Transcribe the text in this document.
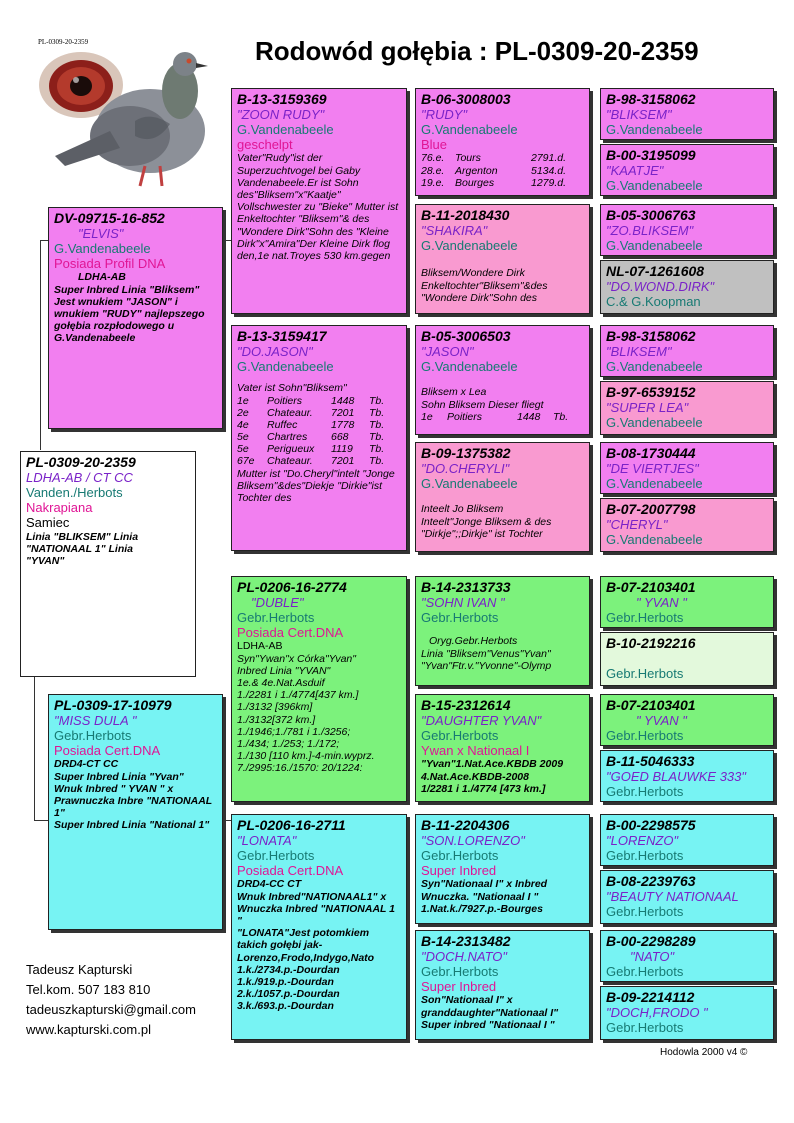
Rodowód gołębia : PL-0309-20-2359
PL-0309-20-2359
PL-0309-20-2359
LDHA-AB / CT CC
Vanden./Herbots
Nakrapiana
Samiec
Linia "BLIKSEM" Linia "NATIONAAL 1" Linia "YVAN"
DV-09715-16-852
"ELVIS"
G.Vandenabeele
Posiada Profil DNA
LDHA-AB
Super Inbred Linia "Bliksem"
Jest wnukiem "JASON" i wnukiem "RUDY" najlepszego gołębia rozpłodowego u G.Vandenabeele
PL-0309-17-10979
"MISS DULA "
Gebr.Herbots
Posiada Cert.DNA
DRD4-CT CC
Super Inbred Linia "Yvan"
Wnuk Inbred " YVAN " x Prawnuczka Inbre "NATIONAAL 1"
Super Inbred Linia "National 1"
B-13-3159369
"ZOON RUDY"
G.Vandenabeele
geschelpt
Vater"Rudy"ist der Superzuchtvogel bei Gaby Vandenabeele.Er ist Sohn des"Bliksem"x"Kaatje" Vollschwester zu "Bieke" Mutter ist Enkeltochter "Bliksem"& des "Wondere Dirk"Sohn des "Kleine Dirk"x"Amira"Der Kleine Dirk flog den,1e nat.Troyes 530 km.gegen
B-13-3159417
"DO.JASON"
G.Vandenabeele
Vater ist Sohn"Bliksem"
1e	Poitiers	1448	Tb.
2e	Chateaur.	7201	Tb.
4e	Ruffec	1778	Tb.
5e	Chartres	668	Tb.
5e	Perigueux	1119	Tb.
67e	Chateaur.	7201	Tb.
Mutter ist "Do.Cheryl"intelt "Jonge Bliksem"&des"Diekje "Dirkie"ist Tochter des
PL-0206-16-2774
"DUBLE"
Gebr.Herbots
Posiada Cert.DNA
LDHA-AB
Syn"Ywan"x Córka"Yvan"
Inbred Linia "YVAN"
1e.& 4e.Nat.Asduif
1./2281 i 1./4774[437 km.]
1./3132 [396km]
1./3132[372 km.]
1./1946;1./781 i 1./3256;
1./434; 1./253; 1./172;
1./130 [110 km.]-4-min.wyprz.
7./2995:16./1570: 20/1224:
PL-0206-16-2711
"LONATA"
Gebr.Herbots
Posiada Cert.DNA
DRD4-CC CT
Wnuk Inbred"NATIONAAL1" x Wnuczka Inbred "NATIONAAL 1 "
"LONATA"Jest potomkiem takich gołębi jak-Lorenzo,Frodo,Indygo,Nato
1.k./2734.p.-Dourdan
1.k./919.p.-Dourdan
2.k./1057.p.-Dourdan
3.k./693.p.-Dourdan
B-06-3008003
"RUDY"
G.Vandenabeele
Blue
76.e.	Tours	2791.d.
28.e.	Argenton	5134.d.
19.e.	Bourges	1279.d.
B-11-2018430
"SHAKIRA"
G.Vandenabeele
Bliksem/Wondere Dirk Enkeltochter"Bliksem"&des "Wondere Dirk"Sohn des
B-05-3006503
"JASON"
G.Vandenabeele
Bliksem x Lea
Sohn Bliksem Dieser fliegt
1e	Poitiers	1448	Tb.
B-09-1375382
"DO.CHERYLI"
G.Vandenabeele
Inteelt Jo Bliksem
Inteelt"Jonge Bliksem & des "Dirkje";;Dirkje" ist Tochter
B-14-2313733
"SOHN IVAN "
Gebr.Herbots
Oryg.Gebr.Herbots
Linia "Bliksem"Venus"Yvan"
"Yvan"Ftr.v."Yvonne"-Olymp
B-15-2312614
"DAUGHTER YVAN"
Gebr.Herbots
Ywan x Nationaal I
"Yvan"1.Nat.Ace.KBDB 2009
4.Nat.Ace.KBDB-2008
1/2281 i 1./4774 [473 km.]
B-11-2204306
"SON.LORENZO"
Gebr.Herbots
Super Inbred
Syn"Nationaal I" x Inbred Wnuczka. "Nationaal I "
1.Nat.k./7927.p.-Bourges
B-14-2313482
"DOCH.NATO"
Gebr.Herbots
Super Inbred
Son"Nationaal I" x granddaughter"Nationaal I"
Super inbred "Nationaal I "
B-98-3158062
"BLIKSEM"
G.Vandenabeele
B-00-3195099
"KAATJE"
G.Vandenabeele
B-05-3006763
"ZO.BLIKSEM"
G.Vandenabeele
NL-07-1261608
"DO.WOND.DIRK"
C.& G.Koopman
B-98-3158062
"BLIKSEM"
G.Vandenabeele
B-97-6539152
"SUPER LEA"
G.Vandenabeele
B-08-1730444
"DE VIERTJES"
G.Vandenabeele
B-07-2007798
"CHERYL"
G.Vandenabeele
B-07-2103401
" YVAN "
Gebr.Herbots
B-10-2192216
Gebr.Herbots
B-07-2103401
" YVAN "
Gebr.Herbots
B-11-5046333
"GOED BLAUWKE 333"
Gebr.Herbots
B-00-2298575
"LORENZO"
Gebr.Herbots
B-08-2239763
"BEAUTY NATIONAAL
Gebr.Herbots
B-00-2298289
"NATO"
Gebr.Herbots
B-09-2214112
"DOCH,FRODO "
Gebr.Herbots
Tadeusz Kapturski
Tel.kom. 507 183 810
tadeuszkapturski@gmail.com
www.kapturski.com.pl
Hodowla 2000 v4 ©
